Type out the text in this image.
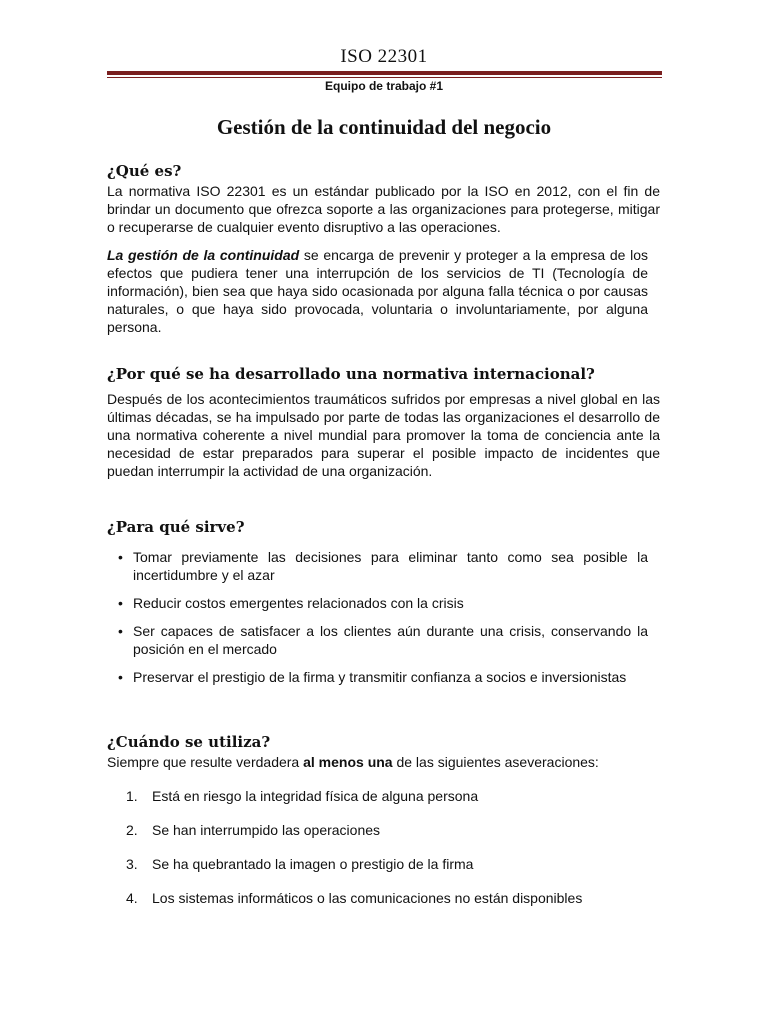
ISO 22301
Equipo de trabajo #1
Gestión de la continuidad del negocio
¿Qué es?
La normativa ISO 22301 es un estándar publicado por la ISO en 2012, con el fin de brindar un documento que ofrezca soporte a las organizaciones para protegerse, mitigar o recuperarse de cualquier evento disruptivo a las operaciones.
La gestión de la continuidad se encarga de prevenir y proteger a la empresa de los efectos que pudiera tener una interrupción de los servicios de TI (Tecnología de información), bien sea que haya sido ocasionada por alguna falla técnica o por causas naturales, o que haya sido provocada, voluntaria o involuntariamente, por alguna persona.
¿Por qué se ha desarrollado una normativa internacional?
Después de los acontecimientos traumáticos sufridos por empresas a nivel global en las últimas décadas, se ha impulsado por parte de todas las organizaciones el desarrollo de una normativa coherente a nivel mundial para promover la toma de conciencia ante la necesidad de estar preparados para superar el posible impacto de incidentes que puedan interrumpir la actividad de una organización.
¿Para qué sirve?
• Tomar previamente las decisiones para eliminar tanto como sea posible la incertidumbre y el azar
• Reducir costos emergentes relacionados con la crisis
• Ser capaces de satisfacer a los clientes aún durante una crisis, conservando la posición en el mercado
• Preservar el prestigio de la firma y transmitir confianza a socios e inversionistas
¿Cuándo se utiliza?
Siempre que resulte verdadera al menos una de las siguientes aseveraciones:
1. Está en riesgo la integridad física de alguna persona
2. Se han interrumpido las operaciones
3. Se ha quebrantado la imagen o prestigio de la firma
4. Los sistemas informáticos o las comunicaciones no están disponibles
